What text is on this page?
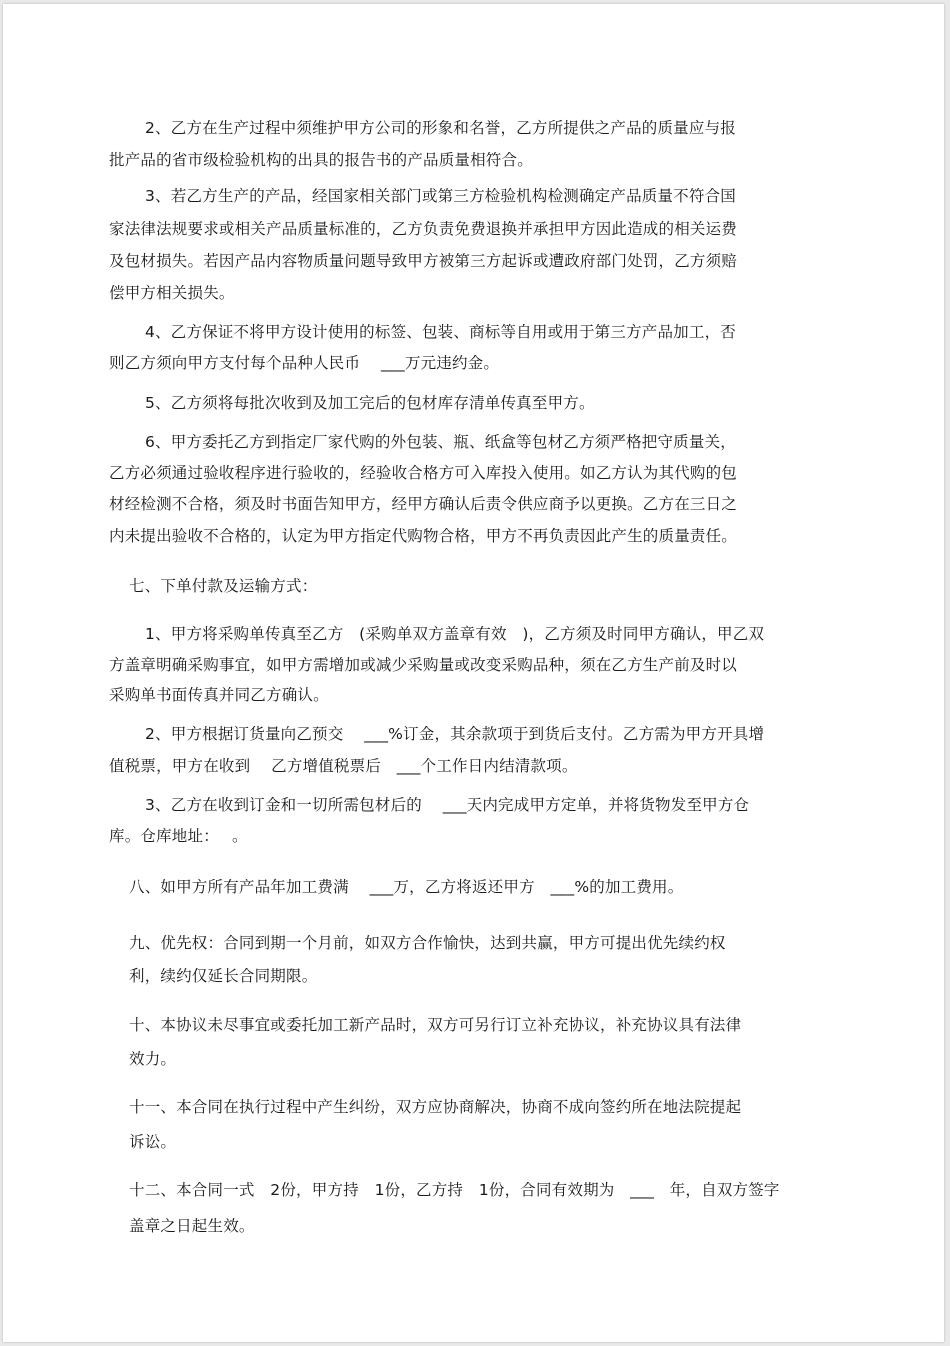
2、乙方在生产过程中须维护甲方公司的形象和名誉，乙方所提供之产品的质量应与报
批产品的省市级检验机构的出具的报告书的产品质量相符合。
3、若乙方生产的产品，经国家相关部门或第三方检验机构检测确定产品质量不符合国
家法律法规要求或相关产品质量标准的，乙方负责免费退换并承担甲方因此造成的相关运费
及包材损失。若因产品内容物质量问题导致甲方被第三方起诉或遭政府部门处罚，乙方须赔
偿甲方相关损失。
4、乙方保证不将甲方设计使用的标签、包装、商标等自用或用于第三方产品加工，否
则乙方须向甲方支付每个品种人民币　 ___万元违约金。
5、乙方须将每批次收到及加工完后的包材库存清单传真至甲方。
6、甲方委托乙方到指定厂家代购的外包装、瓶、纸盒等包材乙方须严格把守质量关，
乙方必须通过验收程序进行验收的，经验收合格方可入库投入使用。如乙方认为其代购的包
材经检测不合格，须及时书面告知甲方，经甲方确认后责令供应商予以更换。乙方在三日之
内未提出验收不合格的，认定为甲方指定代购物合格，甲方不再负责因此产生的质量责任。
七、下单付款及运输方式：
1、甲方将采购单传真至乙方　(采购单双方盖章有效　)，乙方须及时同甲方确认，甲乙双
方盖章明确采购事宜，如甲方需增加或减少采购量或改变采购品种，须在乙方生产前及时以
采购单书面传真并同乙方确认。
2、甲方根据订货量向乙预交　 ___%订金，其余款项于到货后支付。乙方需为甲方开具增
值税票，甲方在收到　 乙方增值税票后　___个工作日内结清款项。
3、乙方在收到订金和一切所需包材后的　 ___天内完成甲方定单，并将货物发至甲方仓
库。仓库地址：　 。
八、如甲方所有产品年加工费满　 ___万，乙方将返还甲方　___%的加工费用。
九、优先权：合同到期一个月前，如双方合作愉快，达到共赢，甲方可提出优先续约权
利，续约仅延长合同期限。
十、本协议未尽事宜或委托加工新产品时，双方可另行订立补充协议，补充协议具有法律
效力。
十一、本合同在执行过程中产生纠纷，双方应协商解决，协商不成向签约所在地法院提起
诉讼。
十二、本合同一式　2份，甲方持　1份，乙方持　1份，合同有效期为　___　年，自双方签字
盖章之日起生效。
